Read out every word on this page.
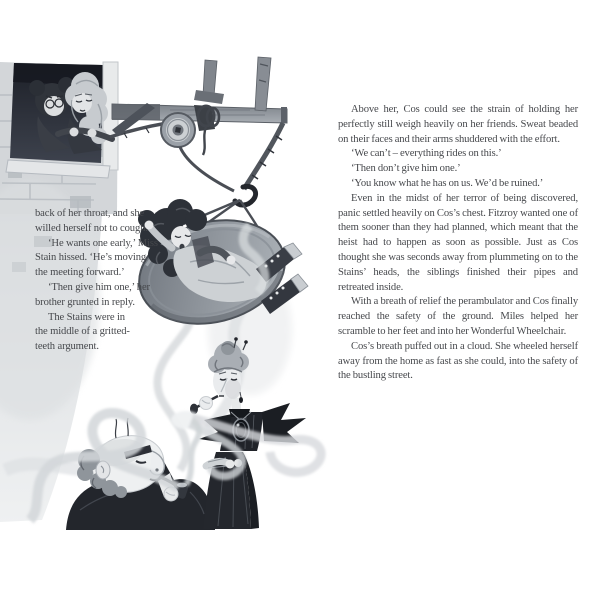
back of her throat, and she willed herself not to cough.

‘He wants one early,’ Miss Stain hissed. ‘He’s moving the meeting forward.’

‘Then give him one,’ her brother grunted in reply.

The Stains were in the middle of a gritted-teeth argument.

Above her, Cos could see the strain of holding her perfectly still weigh heavily on her friends. Sweat beaded on their faces and their arms shuddered with the effort.

‘We can’t – everything rides on this.’

‘Then don’t give him one.’

‘You know what he has on us. We’d be ruined.’

Even in the midst of her terror of being discovered, panic settled heavily on Cos’s chest. Fitzroy wanted one of them sooner than they had planned, which meant that the heist had to happen as soon as possible. Just as Cos thought she was seconds away from plummeting on to the Stains’ heads, the siblings finished their pipes and retreated inside.

With a breath of relief the perambulator and Cos finally reached the safety of the ground. Miles helped her scramble to her feet and into her Wonderful Wheelchair.

Cos’s breath puffed out in a cloud. She wheeled herself away from the home as fast as she could, into the safety of the bustling street.
